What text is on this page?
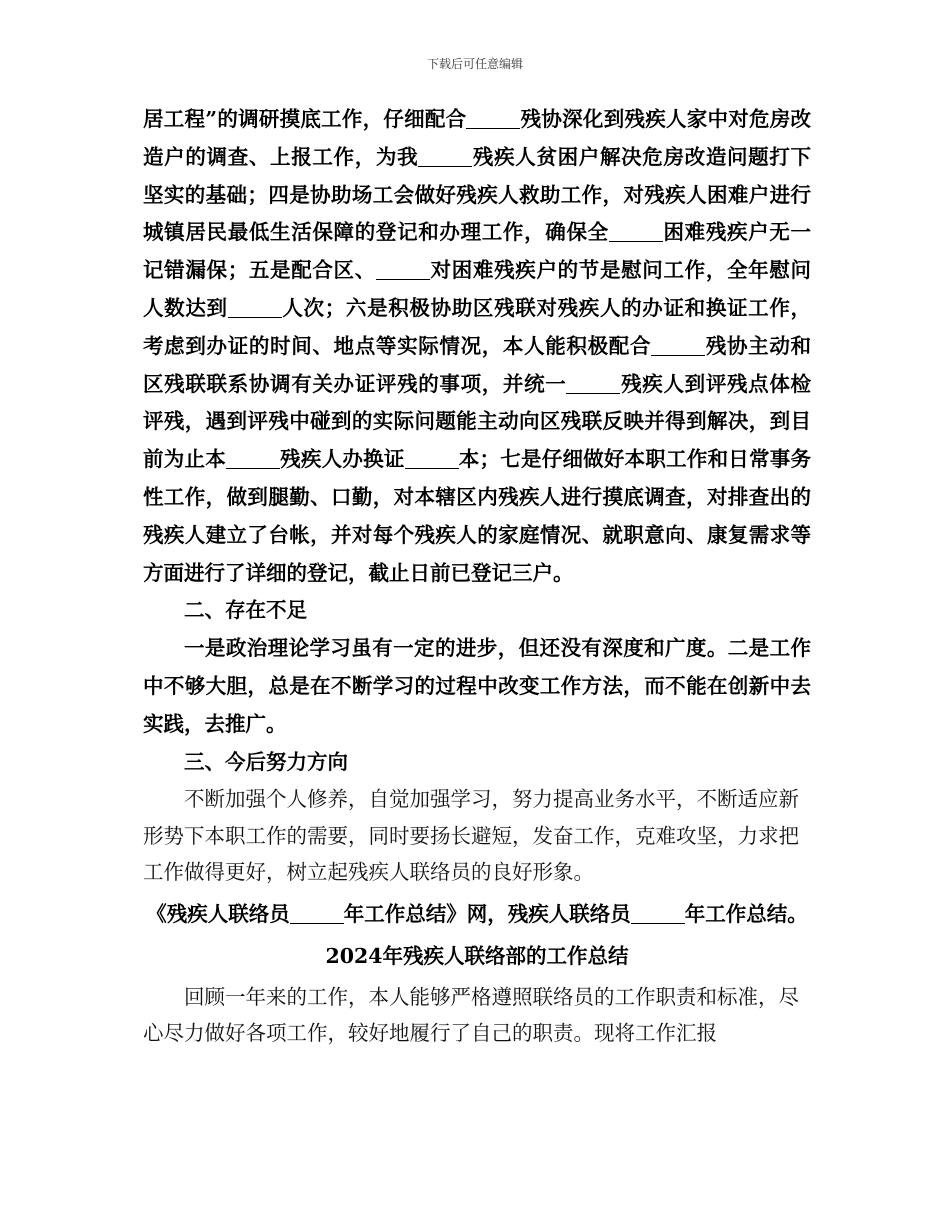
下载后可任意编辑

居工程”的调研摸底工作，仔细配合	残协深化到残疾人家中对危房改造户的调查、上报工作，为我	残疾人贫困户解决危房改造问题打下坚实的基础；四是协助场工会做好残疾人救助工作，对残疾人困难户进行城镇居民最低生活保障的登记和办理工作，确保全	困难残疾户无一记错漏保；五是配合区、	对困难残疾户的节是慰问工作，全年慰问人数达到	人次；六是积极协助区残联对残疾人的办证和换证工作，考虑到办证的时间、地点等实际情况，本人能积极配合	残协主动和区残联联系协调有关办证评残的事项，并统一	残疾人到评残点体检评残，遇到评残中碰到的实际问题能主动向区残联反映并得到解决，到目前为止本	残疾人办换证	本；七是仔细做好本职工作和日常事务性工作，做到腿勤、口勤，对本辖区内残疾人进行摸底调查，对排查出的残疾人建立了台帐，并对每个残疾人的家庭情况、就职意向、康复需求等方面进行了详细的登记，截止日前已登记三户。

二、存在不足

一是政治理论学习虽有一定的进步，但还没有深度和广度。二是工作中不够大胆，总是在不断学习的过程中改变工作方法，而不能在创新中去实践，去推广。

三、今后努力方向

不断加强个人修养，自觉加强学习，努力提高业务水平，不断适应新形势下本职工作的需要，同时要扬长避短，发奋工作，克难攻坚，力求把工作做得更好，树立起残疾人联络员的良好形象。

《残疾人联络员	年工作总结》网，残疾人联络员	年工作总结。

2024年残疾人联络部的工作总结

回顾一年来的工作，本人能够严格遵照联络员的工作职责和标准，尽心尽力做好各项工作，较好地履行了自己的职责。现将工作汇报
